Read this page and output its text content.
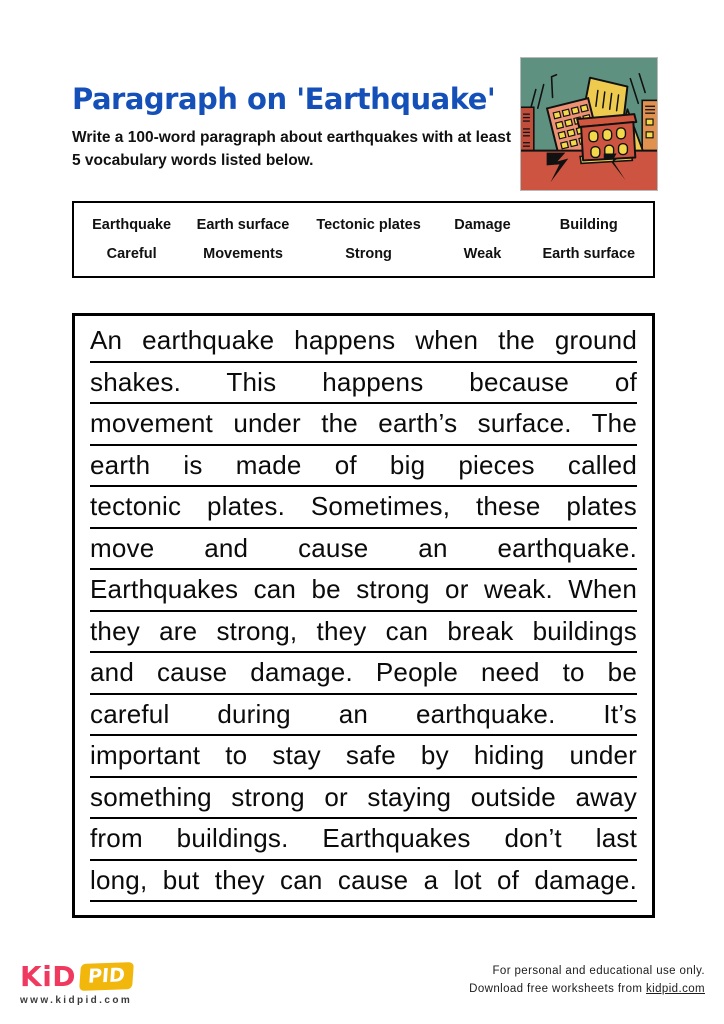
Paragraph on 'Earthquake'

Write a 100-word paragraph about earthquakes with at least 5 vocabulary words listed below.

Earthquake	Earth surface	Tectonic plates	Damage	Building
Careful	Movements	Strong	Weak	Earth surface
An earthquake happens when the ground
shakes. This happens because of
movement under the earth’s surface. The
earth is made of big pieces called
tectonic plates. Sometimes, these plates
move and cause an earthquake.
Earthquakes can be strong or weak. When
they are strong, they can break buildings
and cause damage. People need to be
careful during an earthquake. It’s
important to stay safe by hiding under
something strong or staying outside away
from buildings. Earthquakes don’t last
long, but they can cause a lot of damage.
KiD PID
www.kidpid.com
For personal and educational use only.
Download free worksheets from kidpid.com
